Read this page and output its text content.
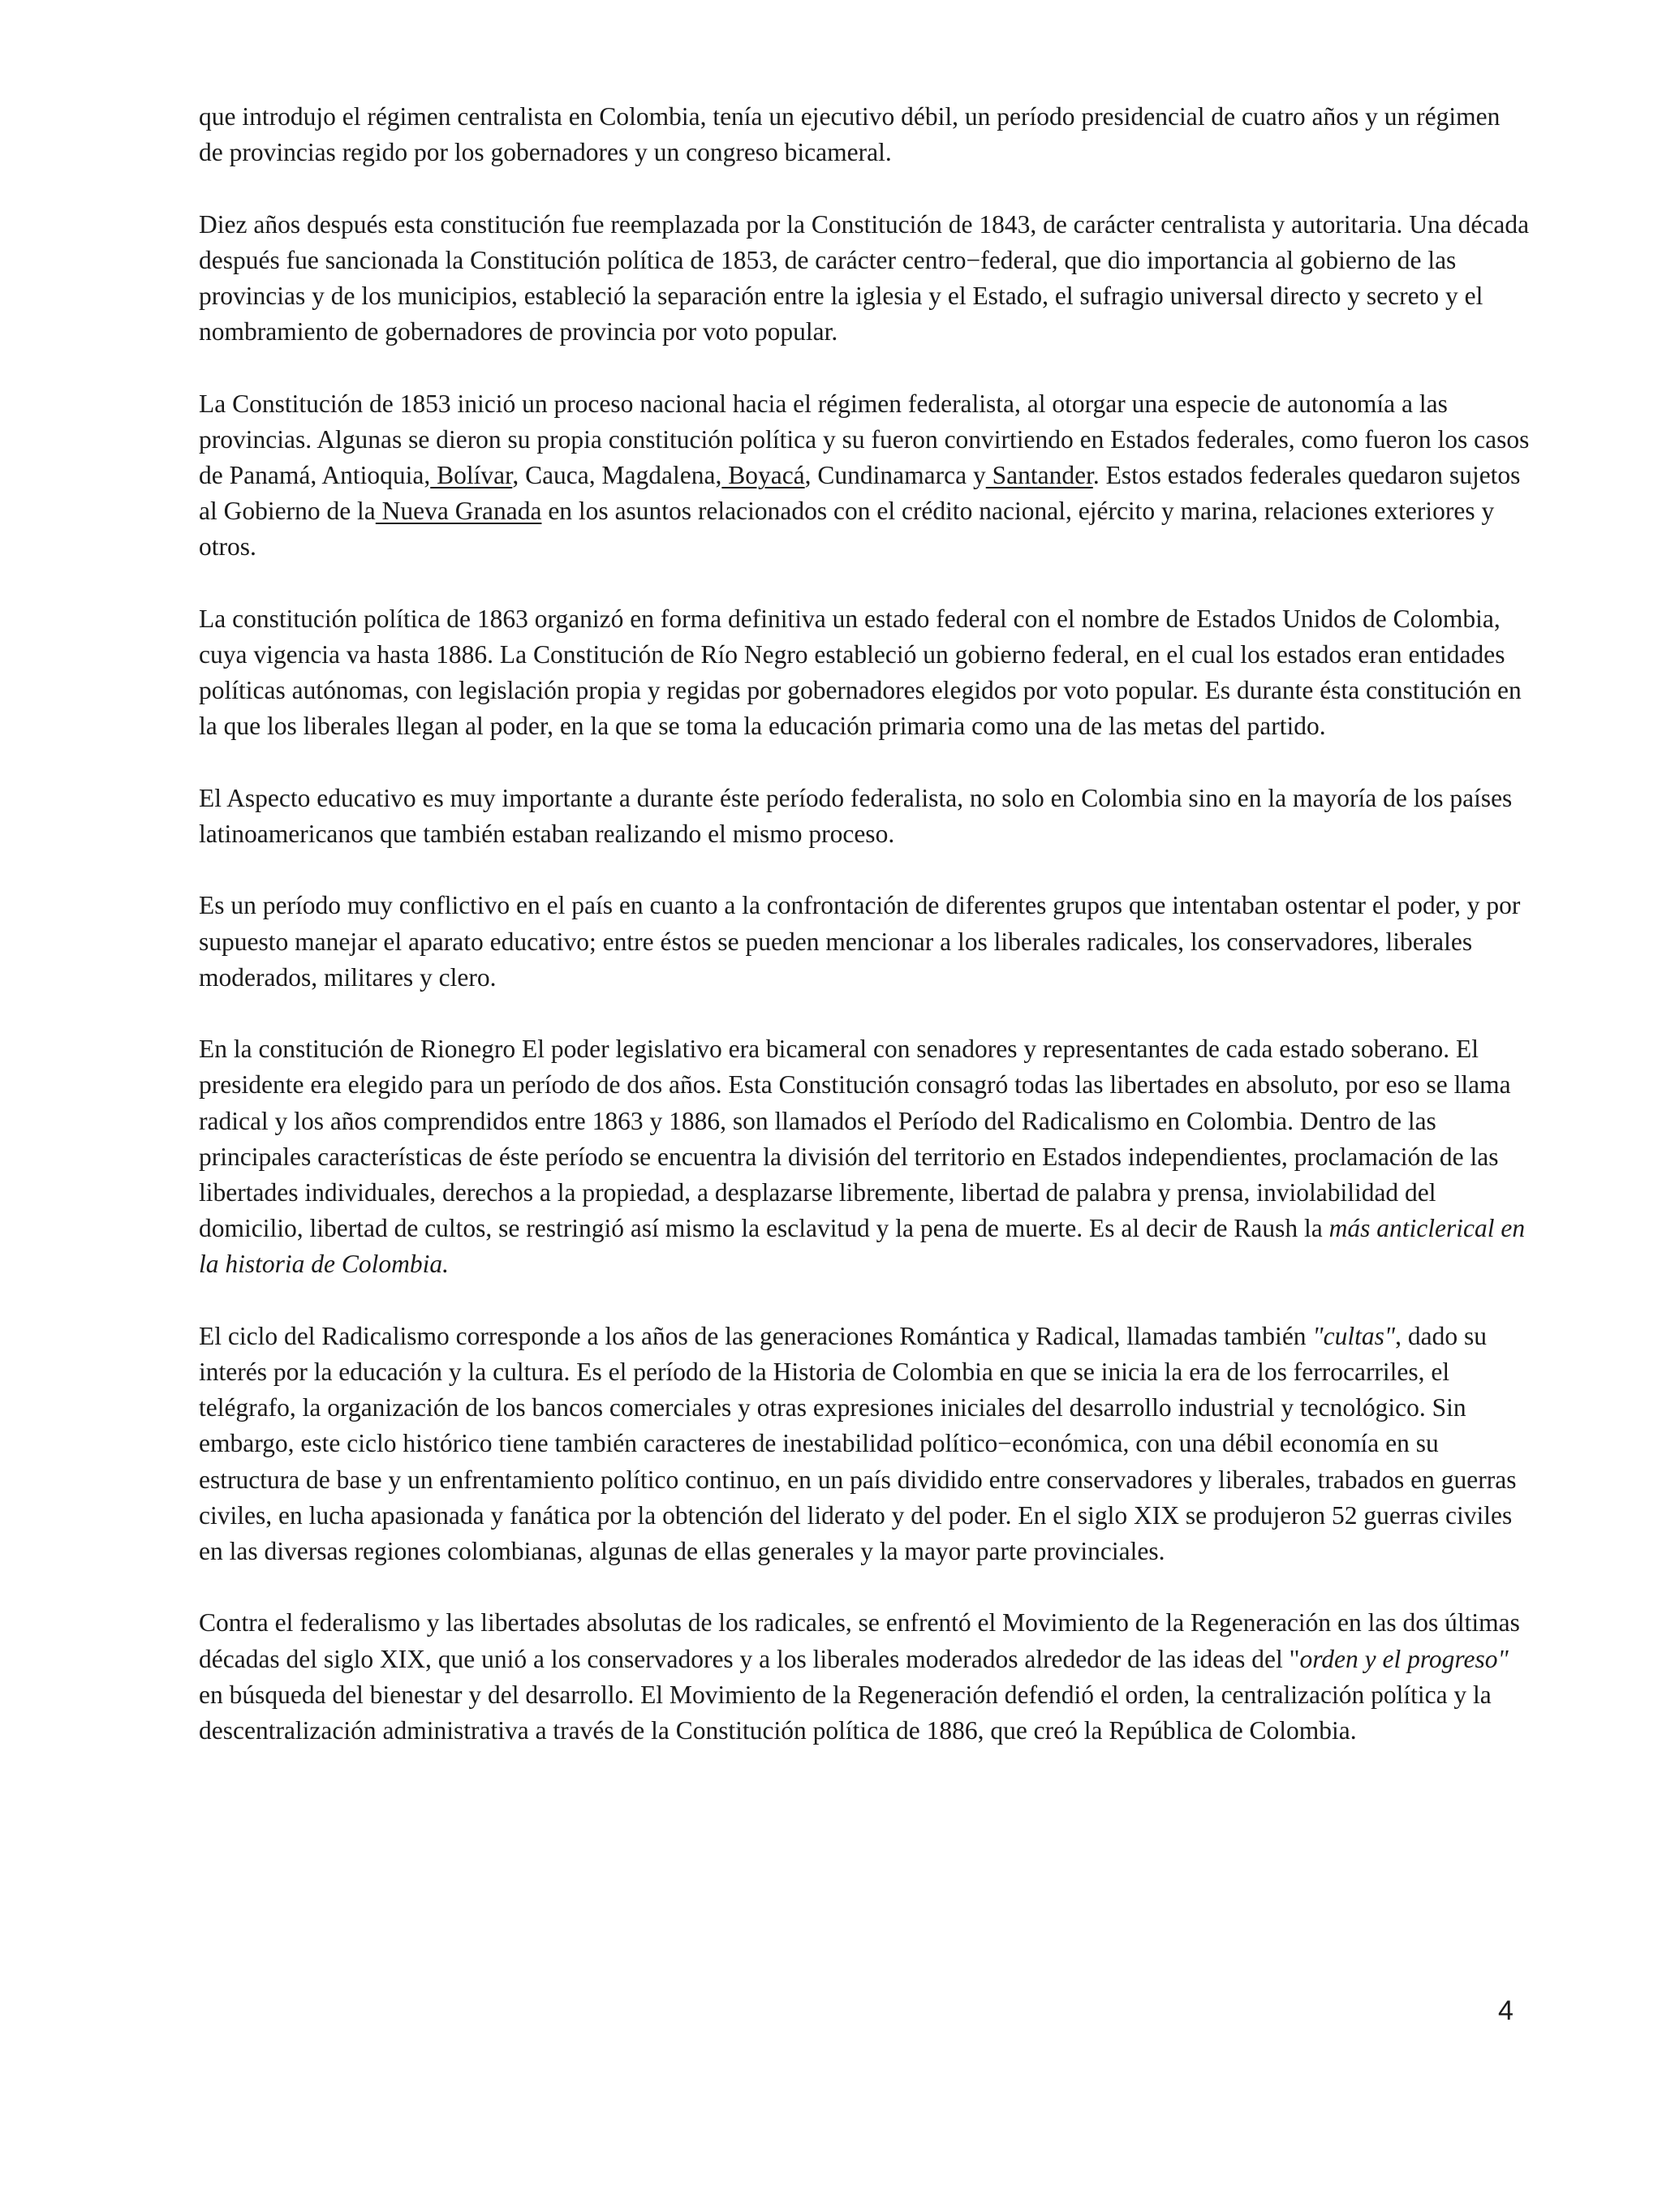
que introdujo el régimen centralista en Colombia, tenía un ejecutivo débil, un período presidencial de cuatro años y un régimen de provincias regido por los gobernadores y un congreso bicameral.

Diez años después esta constitución fue reemplazada por la Constitución de 1843, de carácter centralista y autoritaria. Una década después fue sancionada la Constitución política de 1853, de carácter centro−federal, que dio importancia al gobierno de las provincias y de los municipios, estableció la separación entre la iglesia y el Estado, el sufragio universal directo y secreto y el nombramiento de gobernadores de provincia por voto popular.

La Constitución de 1853 inició un proceso nacional hacia el régimen federalista, al otorgar una especie de autonomía a las provincias. Algunas se dieron su propia constitución política y su fueron convirtiendo en Estados federales, como fueron los casos de Panamá, Antioquia, Bolívar, Cauca, Magdalena, Boyacá, Cundinamarca y Santander. Estos estados federales quedaron sujetos al Gobierno de la Nueva Granada en los asuntos relacionados con el crédito nacional, ejército y marina, relaciones exteriores y otros.

La constitución política de 1863 organizó en forma definitiva un estado federal con el nombre de Estados Unidos de Colombia, cuya vigencia va hasta 1886. La Constitución de Río Negro estableció un gobierno federal, en el cual los estados eran entidades políticas autónomas, con legislación propia y regidas por gobernadores elegidos por voto popular. Es durante ésta constitución en la que los liberales llegan al poder, en la que se toma la educación primaria como una de las metas del partido.

El Aspecto educativo es muy importante a durante éste período federalista, no solo en Colombia sino en la mayoría de los países latinoamericanos que también estaban realizando el mismo proceso.

Es un período muy conflictivo en el país en cuanto a la confrontación de diferentes grupos que intentaban ostentar el poder, y por supuesto manejar el aparato educativo; entre éstos se pueden mencionar a los liberales radicales, los conservadores, liberales moderados, militares y clero.

En la constitución de Rionegro El poder legislativo era bicameral con senadores y representantes de cada estado soberano. El presidente era elegido para un período de dos años. Esta Constitución consagró todas las libertades en absoluto, por eso se llama radical y los años comprendidos entre 1863 y 1886, son llamados el Período del Radicalismo en Colombia. Dentro de las principales características de éste período se encuentra la división del territorio en Estados independientes, proclamación de las libertades individuales, derechos a la propiedad, a desplazarse libremente, libertad de palabra y prensa, inviolabilidad del domicilio, libertad de cultos, se restringió así mismo la esclavitud y la pena de muerte. Es al decir de Raush la más anticlerical en la historia de Colombia.

El ciclo del Radicalismo corresponde a los años de las generaciones Romántica y Radical, llamadas también "cultas", dado su interés por la educación y la cultura. Es el período de la Historia de Colombia en que se inicia la era de los ferrocarriles, el telégrafo, la organización de los bancos comerciales y otras expresiones iniciales del desarrollo industrial y tecnológico. Sin embargo, este ciclo histórico tiene también caracteres de inestabilidad político−económica, con una débil economía en su estructura de base y un enfrentamiento político continuo, en un país dividido entre conservadores y liberales, trabados en guerras civiles, en lucha apasionada y fanática por la obtención del liderato y del poder. En el siglo XIX se produjeron 52 guerras civiles en las diversas regiones colombianas, algunas de ellas generales y la mayor parte provinciales.

Contra el federalismo y las libertades absolutas de los radicales, se enfrentó el Movimiento de la Regeneración en las dos últimas décadas del siglo XIX, que unió a los conservadores y a los liberales moderados alrededor de las ideas del "orden y el progreso" en búsqueda del bienestar y del desarrollo. El Movimiento de la Regeneración defendió el orden, la centralización política y la descentralización administrativa a través de la Constitución política de 1886, que creó la República de Colombia.

4
